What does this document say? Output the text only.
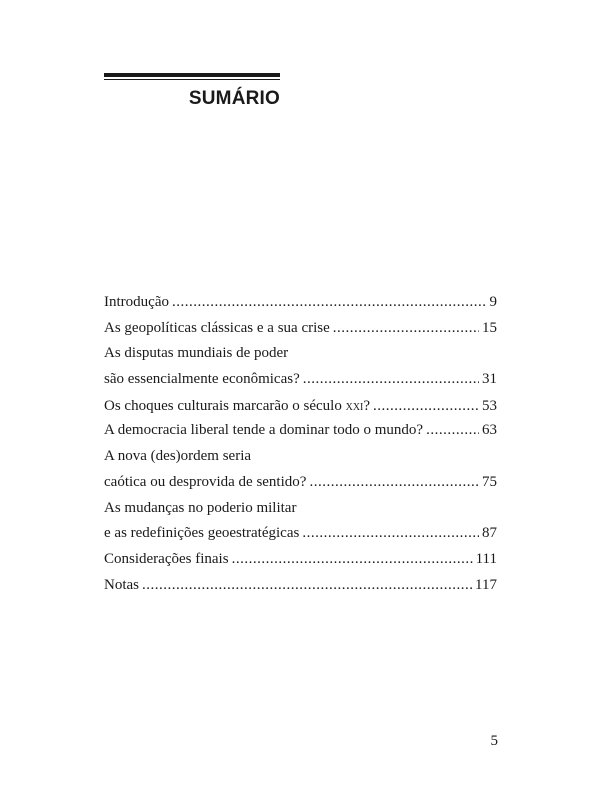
SUMÁRIO
Introdução .....	9
As geopolíticas clássicas e a sua crise .....	15
As disputas mundiais de poder
são essencialmente econômicas? .....	31
Os choques culturais marcarão o século xxi? .....	53
A democracia liberal tende a dominar todo o mundo? .....	63
A nova (des)ordem seria
caótica ou desprovida de sentido? .....	75
As mudanças no poderio militar
e as redefinições geoestratégicas .....	87
Considerações finais .....	111
Notas .....	117
5
